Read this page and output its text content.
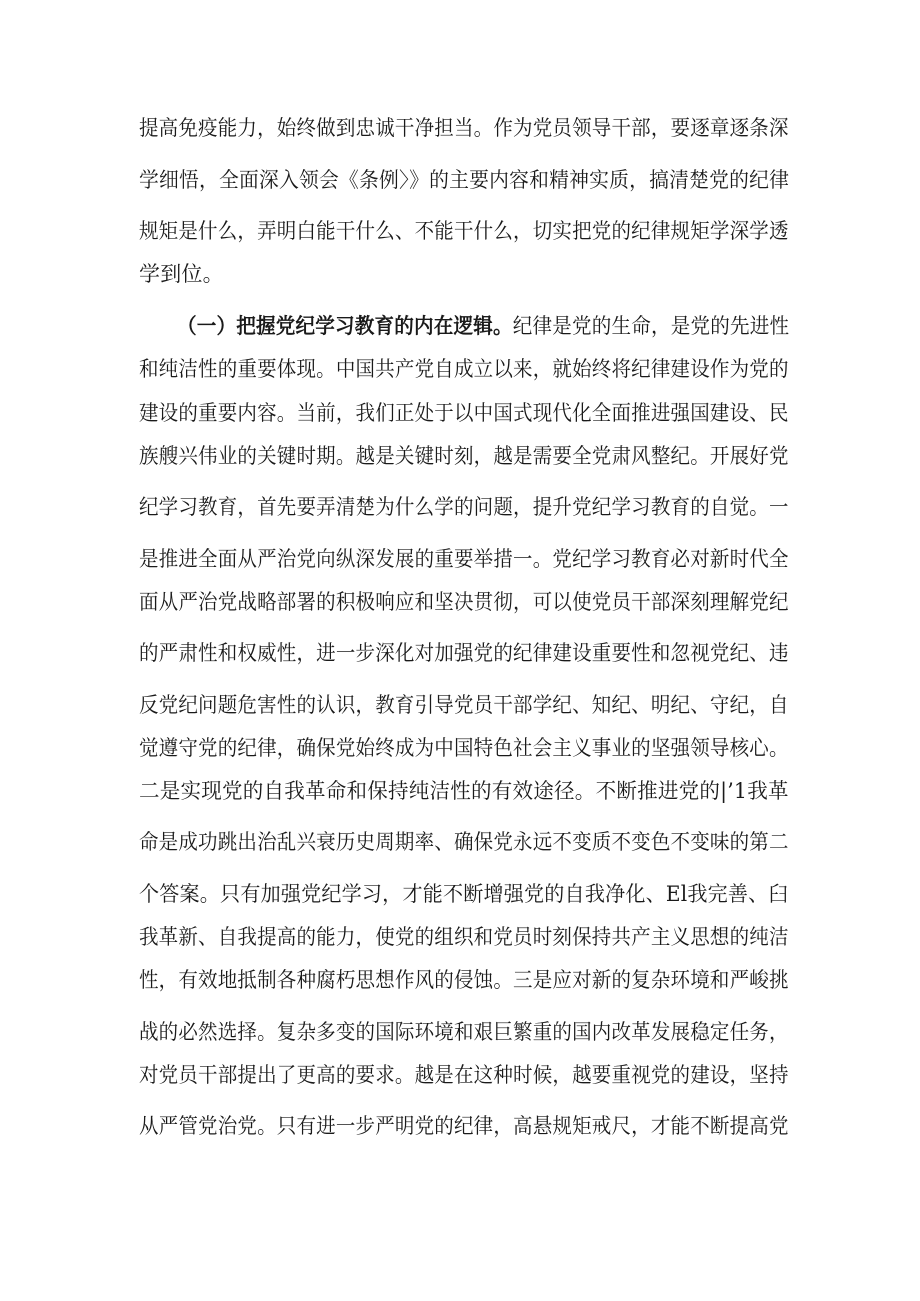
提高免疫能力，始终做到忠诚干净担当。作为党员领导干部，要逐章逐条深
学细悟，全面深入领会《条例〉》的主要内容和精神实质，搞清楚党的纪律
规矩是什么，弄明白能干什么、不能干什么，切实把党的纪律规矩学深学透
学到位。
（一）把握党纪学习教育的内在逻辑。纪律是党的生命，是党的先进性
和纯洁性的重要体现。中国共产党自成立以来，就始终将纪律建设作为党的
建设的重要内容。当前，我们正处于以中国式现代化全面推进强国建设、民
族艘兴伟业的关键时期。越是关键时刻，越是需要全党肃风整纪。开展好党
纪学习教育，首先要弄清楚为什么学的问题，提升党纪学习教育的自觉。一
是推进全面从严治党向纵深发展的重要举措一。党纪学习教育必对新时代全
面从严治党战略部署的积极响应和坚决贯彻，可以使党员干部深刻理解党纪
的严肃性和权威性，进一步深化对加强党的纪律建设重要性和忽视党纪、违
反党纪问题危害性的认识，教育引导党员干部学纪、知纪、明纪、守纪，自
觉遵守党的纪律，确保党始终成为中国特色社会主义事业的坚强领导核心。
二是实现党的自我革命和保持纯洁性的有效途径。不断推进党的|’1我革
命是成功跳出治乱兴衰历史周期率、确保党永远不变质不变色不变味的第二
个答案。只有加强党纪学习，才能不断增强党的自我净化、El我完善、臼
我革新、自我提高的能力，使党的组织和党员时刻保持共产主义思想的纯洁
性，有效地抵制各种腐朽思想作风的侵蚀。三是应对新的复杂环境和严峻挑
战的必然选择。复杂多变的国际环境和艰巨繁重的国内改革发展稳定任务，
对党员干部提出了更高的要求。越是在这种时候，越要重视党的建设，坚持
从严管党治党。只有进一步严明党的纪律，高悬规矩戒尺，才能不断提高党
